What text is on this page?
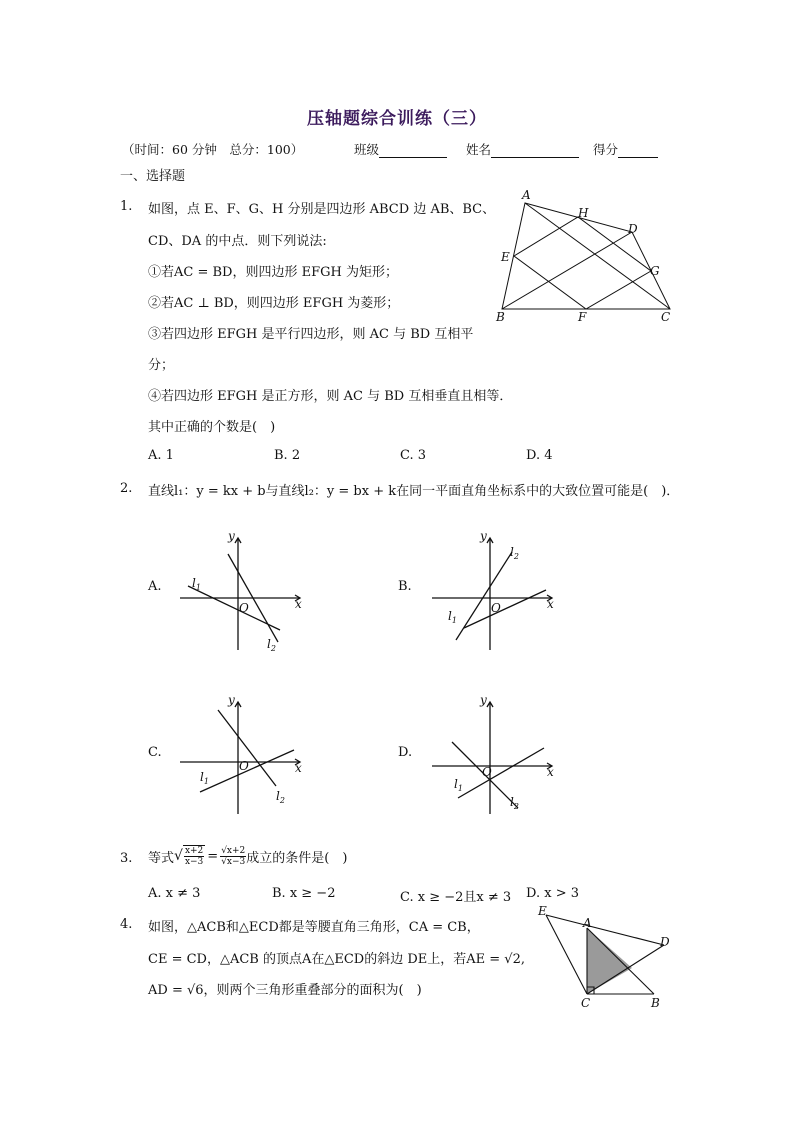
压轴题综合训练（三）
（时间：60 分钟　总分：100）	班级	姓名	得分
一、选择题
1. 如图，点 E、F、G、H 分别是四边形 ABCD 边 AB、BC、
CD、DA 的中点．则下列说法:
①若AC = BD，则四边形 EFGH 为矩形；
②若AC ⊥ BD，则四边形 EFGH 为菱形；
③若四边形 EFGH 是平行四边形，则 AC 与 BD 互相平
分；
④若四边形 EFGH 是正方形，则 AC 与 BD 互相垂直且相等．
其中正确的个数是(　)
A. 1	B. 2	C. 3	D. 4
A
H
D
E
G
B	F	C
2. 直线l₁：y = kx + b与直线l₂：y = bx + k在同一平面直角坐标系中的大致位置可能是(　)．
A.	B.
C.	D.
x
y
O
$l_1$
$l_2$
x
y
O
$l_1$
$l_2$
x
y
O
$l_1$
$l_2$
x
y
O
$l_1$
$l_2$
3. 等式 √ $\frac{x+2}{x-3} = \frac{√x+2}{√x-3}$ 成立的条件是(　)
A. x ≠ 3	B. x ≥ −2	C. x ≥ −2且x ≠ 3 D. x > 3
4. 如图，△ACB和△ECD都是等腰直角三角形，CA = CB，
CE = CD，△ACB 的顶点A在△ECD的斜边 DE上，若AE = √2,
AD = √6，则两个三角形重叠部分的面积为(　)
E
A
D
C	B
